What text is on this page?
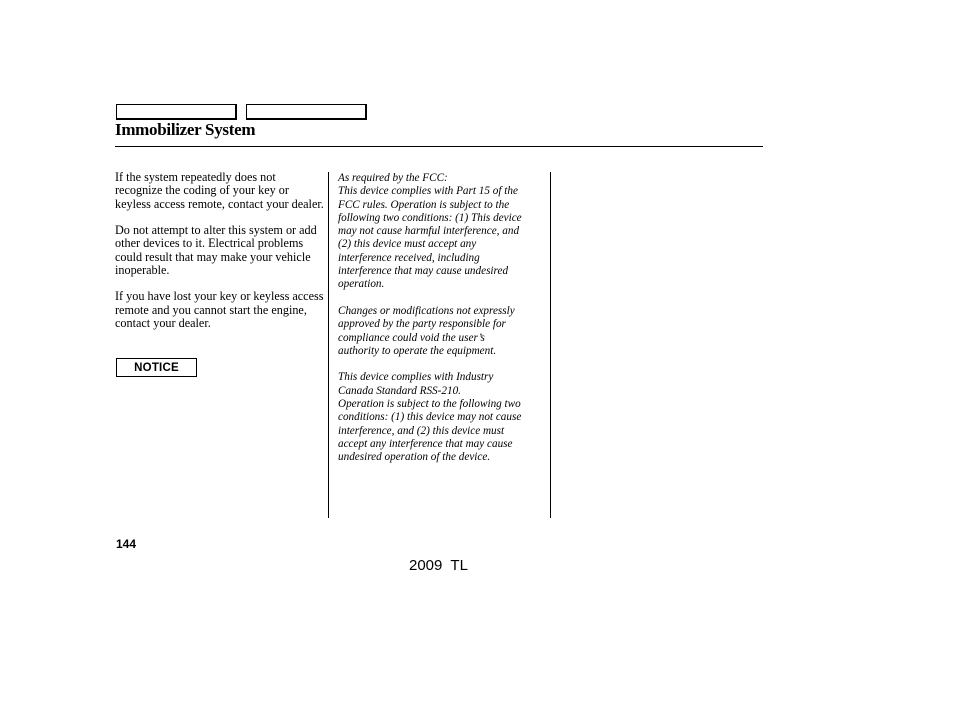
Immobilizer System

If the system repeatedly does not recognize the coding of your key or keyless access remote, contact your dealer.

Do not attempt to alter this system or add other devices to it. Electrical problems could result that may make your vehicle inoperable.

If you have lost your key or keyless access remote and you cannot start the engine, contact your dealer.

NOTICE
As required by the FCC:
This device complies with Part 15 of the
FCC rules. Operation is subject to the
following two conditions: (1) This device
may not cause harmful interference, and
(2) this device must accept any
interference received, including
interference that may cause undesired
operation.
Changes or modifications not expressly
approved by the party responsible for
compliance could void the user’s
authority to operate the equipment.
This device complies with Industry
Canada Standard RSS-210.
Operation is subject to the following two
conditions: (1) this device may not cause
interference, and (2) this device must
accept any interference that may cause
undesired operation of the device.
144
2009  TL
